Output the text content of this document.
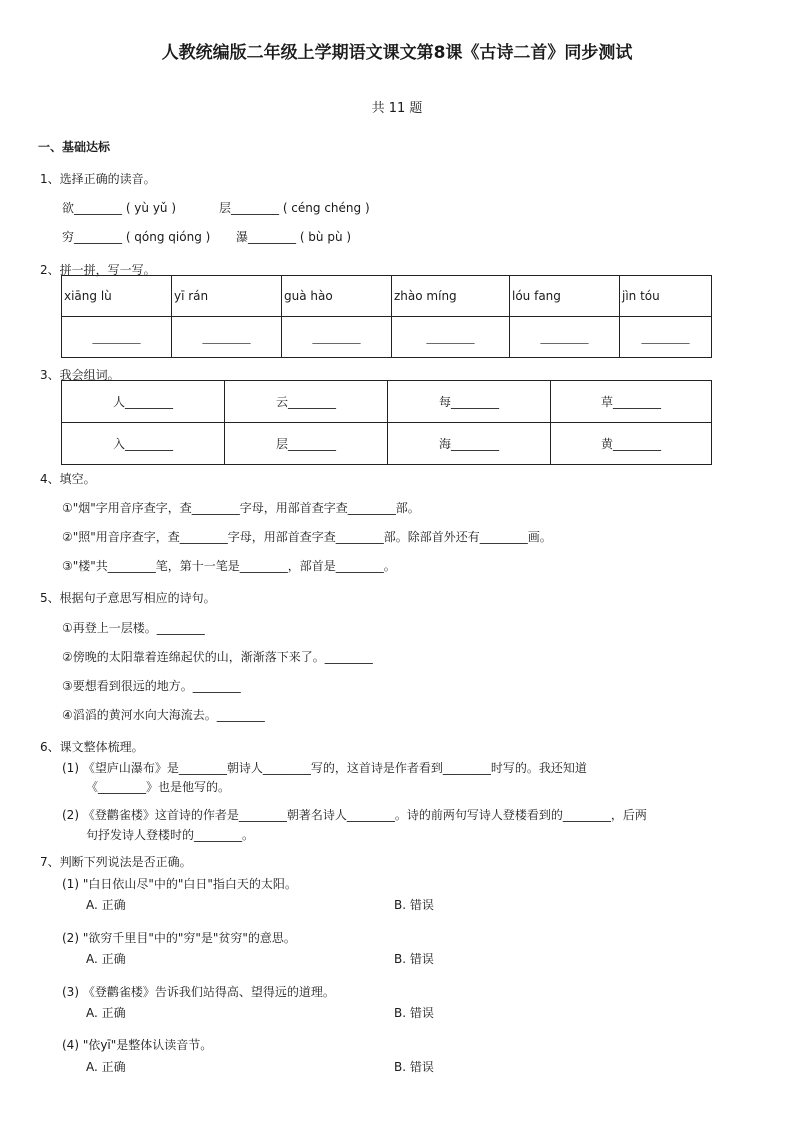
人教统编版二年级上学期语文课文第8课《古诗二首》同步测试
共 11 题
一、基础达标
1、选择正确的读音。
欲________ ( yù yǔ )	层________ ( céng chéng )
穷________ ( qóng qióng ) 瀑________ ( bù pù )
2、拼一拼，写一写。
xiāng lù	yī rán	guà hào	zhào míng	lóu fang	jìn tóu
________	________	________	________	________	________
3、我会组词。
人________	云________	每________	草________
入________	层________	海________	黄________
4、填空。
①"烟"字用音序查字，查________字母，用部首查字查________部。
②"照"用音序查字，查________字母，用部首查字查________部。除部首外还有________画。
③"楼"共________笔，第十一笔是________，部首是________。
5、根据句子意思写相应的诗句。
①再登上一层楼。________
②傍晚的太阳靠着连绵起伏的山，渐渐落下来了。________
③要想看到很远的地方。________
④滔滔的黄河水向大海流去。________
6、课文整体梳理。
(1) 《望庐山瀑布》是________朝诗人________写的，这首诗是作者看到________时写的。我还知道
《________》也是他写的。
(2) 《登鹳雀楼》这首诗的作者是________朝著名诗人________。诗的前两句写诗人登楼看到的________，后两
句抒发诗人登楼时的________。
7、判断下列说法是否正确。
(1) "白日依山尽"中的"白日"指白天的太阳。
A. 正确	B. 错误
(2) "欲穷千里目"中的"穷"是"贫穷"的意思。
A. 正确	B. 错误
(3) 《登鹳雀楼》告诉我们站得高、望得远的道理。
A. 正确	B. 错误
(4) "依yī"是整体认读音节。
A. 正确	B. 错误
